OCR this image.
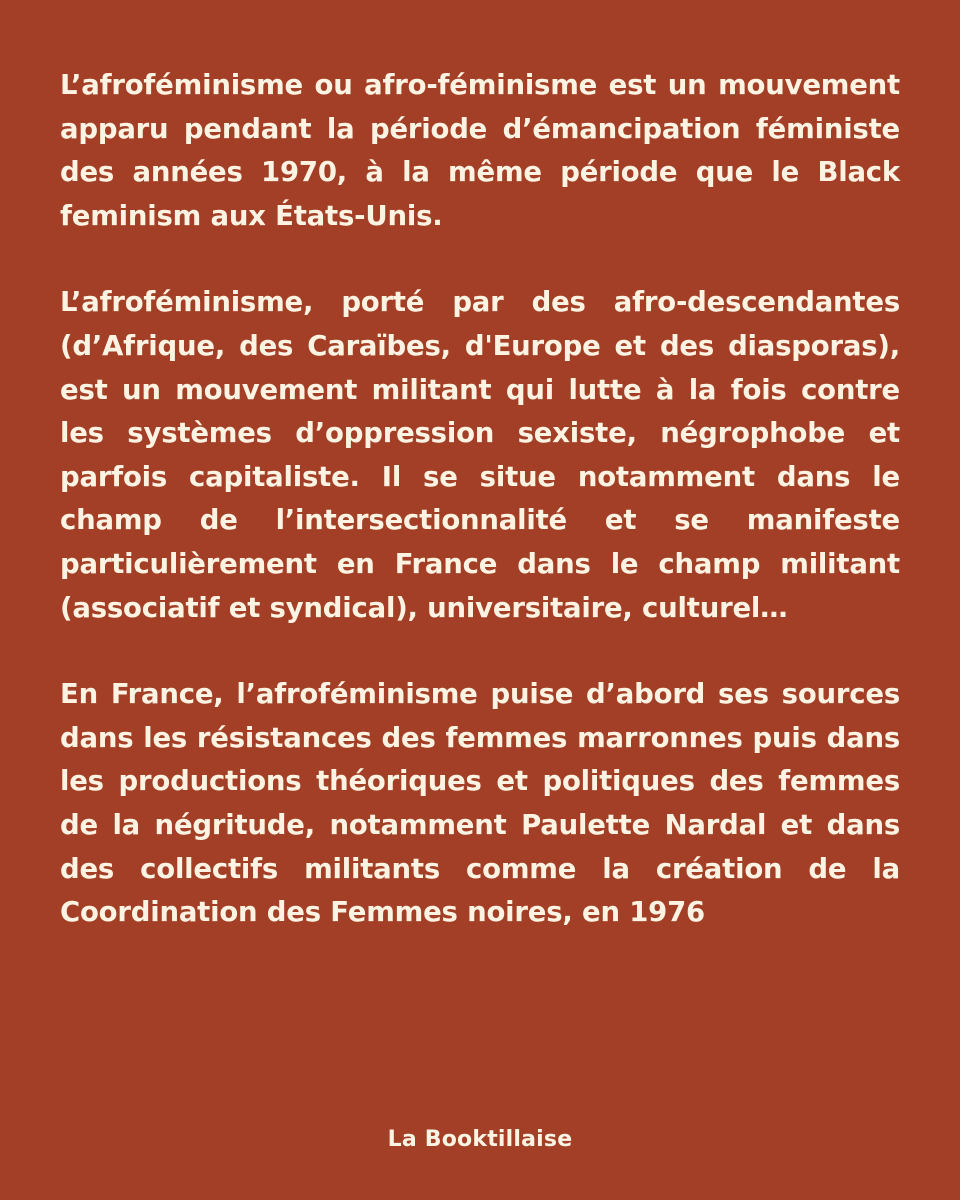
L’afroféminisme ou afro-féminisme est un mouvement apparu pendant la période d’émancipation féministe des années 1970, à la même période que le Black feminism aux États-Unis.

L’afroféminisme, porté par des afro-descendantes (d’Afrique, des Caraïbes, d'Europe et des diasporas), est un mouvement militant qui lutte à la fois contre les systèmes d’oppression sexiste, négrophobe et parfois capitaliste. Il se situe notamment dans le champ de l’intersectionnalité et se manifeste particulièrement en France dans le champ militant (associatif et syndical), universitaire, culturel…

En France, l’afroféminisme puise d’abord ses sources dans les résistances des femmes marronnes puis dans les productions théoriques et politiques des femmes de la négritude, notamment Paulette Nardal et dans des collectifs militants comme la création de la Coordination des Femmes noires, en 1976

La Booktillaise
